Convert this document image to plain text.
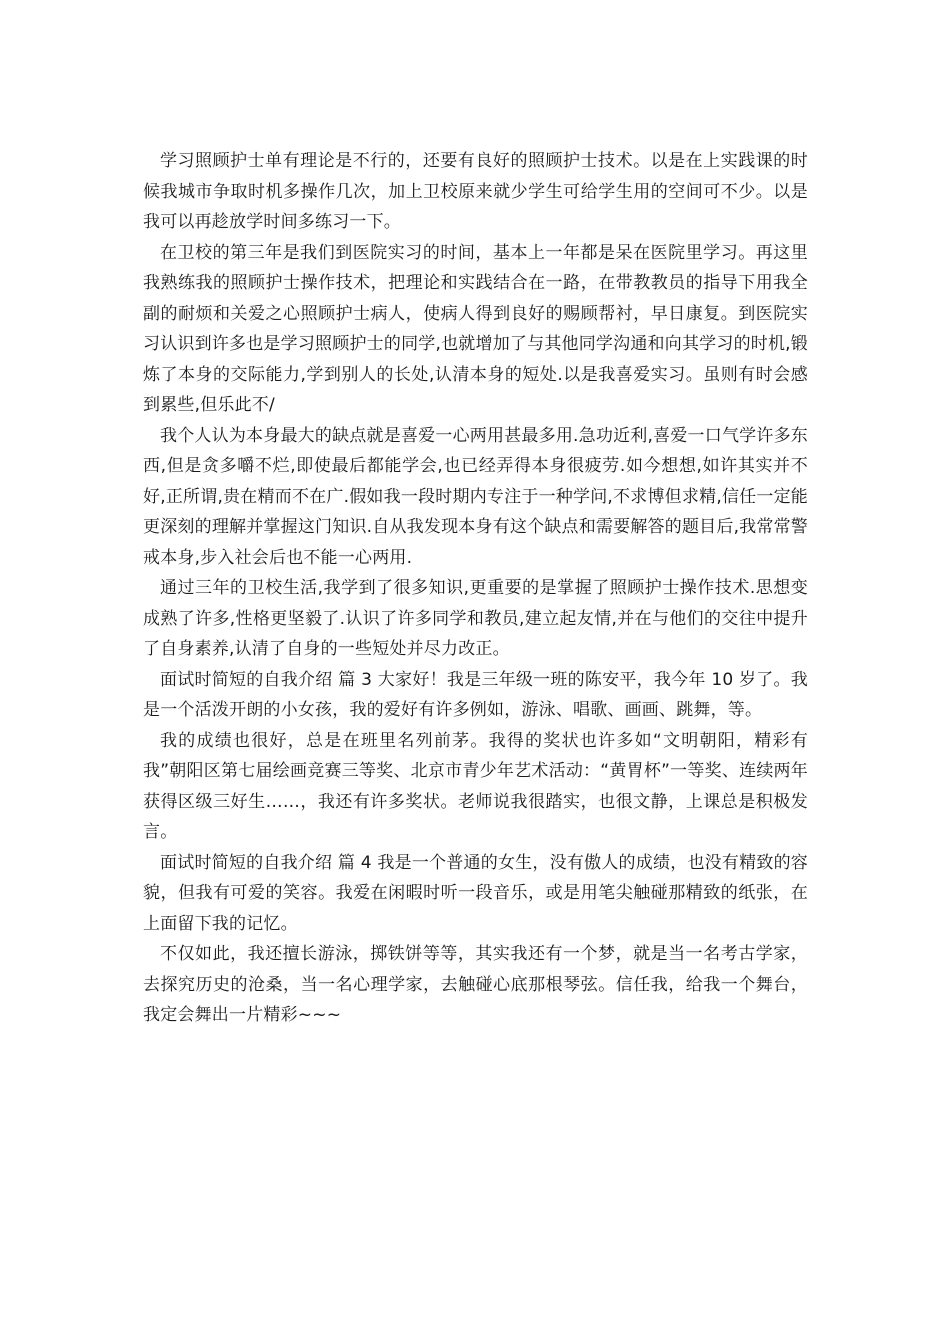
学习照顾护士单有理论是不行的，还要有良好的照顾护士技术。以是在上实践课的时候我城市争取时机多操作几次，加上卫校原来就少学生可给学生用的空间可不少。以是我可以再趁放学时间多练习一下。

在卫校的第三年是我们到医院实习的时间，基本上一年都是呆在医院里学习。再这里我熟练我的照顾护士操作技术，把理论和实践结合在一路，在带教教员的指导下用我全副的耐烦和关爱之心照顾护士病人，使病人得到良好的赐顾帮衬，早日康复。到医院实习认识到许多也是学习照顾护士的同学,也就增加了与其他同学沟通和向其学习的时机,锻炼了本身的交际能力,学到别人的长处,认清本身的短处.以是我喜爱实习。虽则有时会感到累些,但乐此不/

我个人认为本身最大的缺点就是喜爱一心两用甚最多用.急功近利,喜爱一口气学许多东西,但是贪多嚼不烂,即使最后都能学会,也已经弄得本身很疲劳.如今想想,如许其实并不好,正所谓,贵在精而不在广.假如我一段时期内专注于一种学问,不求博但求精,信任一定能更深刻的理解并掌握这门知识.自从我发现本身有这个缺点和需要解答的题目后,我常常警戒本身,步入社会后也不能一心两用.

通过三年的卫校生活,我学到了很多知识,更重要的是掌握了照顾护士操作技术.思想变成熟了许多,性格更坚毅了.认识了许多同学和教员,建立起友情,并在与他们的交往中提升了自身素养,认清了自身的一些短处并尽力改正。

面试时简短的自我介绍 篇 3 大家好！我是三年级一班的陈安平，我今年 10 岁了。我是一个活泼开朗的小女孩，我的爱好有许多例如，游泳、唱歌、画画、跳舞，等。

我的成绩也很好，总是在班里名列前茅。我得的奖状也许多如“文明朝阳，精彩有我”朝阳区第七届绘画竞赛三等奖、北京市青少年艺术活动：“黄胃杯”一等奖、连续两年获得区级三好生……，我还有许多奖状。老师说我很踏实，也很文静，上课总是积极发言。

面试时简短的自我介绍 篇 4 我是一个普通的女生，没有傲人的成绩，也没有精致的容貌，但我有可爱的笑容。我爱在闲暇时听一段音乐，或是用笔尖触碰那精致的纸张，在上面留下我的记忆。

不仅如此，我还擅长游泳，掷铁饼等等，其实我还有一个梦，就是当一名考古学家，去探究历史的沧桑，当一名心理学家，去触碰心底那根琴弦。信任我，给我一个舞台，我定会舞出一片精彩~~~
